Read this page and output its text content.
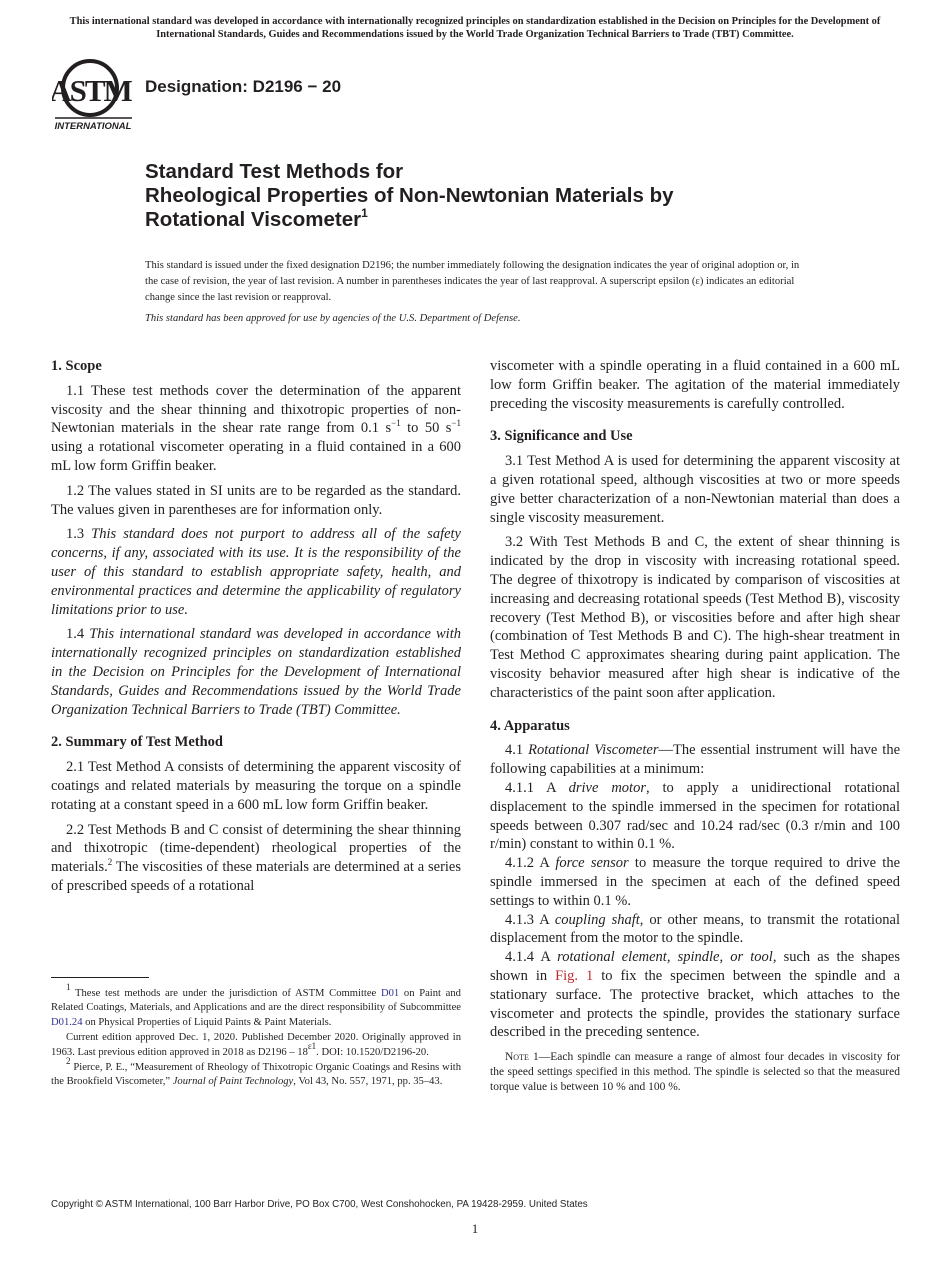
This international standard was developed in accordance with internationally recognized principles on standardization established in the Decision on Principles for the Development of International Standards, Guides and Recommendations issued by the World Trade Organization Technical Barriers to Trade (TBT) Committee.
ASTM
INTERNATIONAL
Designation: D2196 − 20
Standard Test Methods for
Rheological Properties of Non-Newtonian Materials by
Rotational Viscometer$^1$
This standard is issued under the fixed designation D2196; the number immediately following the designation indicates the year of original adoption or, in the case of revision, the year of last revision. A number in parentheses indicates the year of last reapproval. A superscript epsilon (ε) indicates an editorial change since the last revision or reapproval.
This standard has been approved for use by agencies of the U.S. Department of Defense.
1. Scope

1.1 These test methods cover the determination of the apparent viscosity and the shear thinning and thixotropic properties of non-Newtonian materials in the shear rate range from 0.1 $s^{-1}$ to 50 $s^{-1}$ using a rotational viscometer operating in a fluid contained in a 600 mL low form Griffin beaker.

1.2 The values stated in SI units are to be regarded as the standard. The values given in parentheses are for information only.

1.3 This standard does not purport to address all of the safety concerns, if any, associated with its use. It is the responsibility of the user of this standard to establish appropriate safety, health, and environmental practices and determine the applicability of regulatory limitations prior to use.

1.4 This international standard was developed in accordance with internationally recognized principles on standardization established in the Decision on Principles for the Development of International Standards, Guides and Recommendations issued by the World Trade Organization Technical Barriers to Trade (TBT) Committee.

2. Summary of Test Method

2.1 Test Method A consists of determining the apparent viscosity of coatings and related materials by measuring the torque on a spindle rotating at a constant speed in a 600 mL low form Griffin beaker.

2.2 Test Methods B and C consist of determining the shear thinning and thixotropic (time-dependent) rheological properties of the materials.$^2$ The viscosities of these materials are determined at a series of prescribed speeds of a rotational

$^1$ These test methods are under the jurisdiction of ASTM Committee D01 on Paint and Related Coatings, Materials, and Applications and are the direct responsibility of Subcommittee D01.24 on Physical Properties of Liquid Paints & Paint Materials.

Current edition approved Dec. 1, 2020. Published December 2020. Originally approved in 1963. Last previous edition approved in 2018 as $D2196 - 18^{\varepsilon 1}$. DOI: 10.1520/D2196-20.

$^2$ Pierce, P. E., “Measurement of Rheology of Thixotropic Organic Coatings and Resins with the Brookfield Viscometer,” Journal of Paint Technology, Vol 43, No. 557, 1971, pp. 35–43.

viscometer with a spindle operating in a fluid contained in a 600 mL low form Griffin beaker. The agitation of the material immediately preceding the viscosity measurements is carefully controlled.

3. Significance and Use

3.1 Test Method A is used for determining the apparent viscosity at a given rotational speed, although viscosities at two or more speeds give better characterization of a non-Newtonian material than does a single viscosity measurement.

3.2 With Test Methods B and C, the extent of shear thinning is indicated by the drop in viscosity with increasing rotational speed. The degree of thixotropy is indicated by comparison of viscosities at increasing and decreasing rotational speeds (Test Method B), viscosity recovery (Test Method B), or viscosities before and after high shear (combination of Test Methods B and C). The high-shear treatment in Test Method C approximates shearing during paint application. The viscosity behavior measured after high shear is indicative of the characteristics of the paint soon after application.

4. Apparatus

4.1 Rotational Viscometer—The essential instrument will have the following capabilities at a minimum:

4.1.1 A drive motor, to apply a unidirectional rotational displacement to the spindle immersed in the specimen for rotational speeds between 0.307 rad/sec and 10.24 rad/sec (0.3 r/min and 100 r/min) constant to within 0.1 %.

4.1.2 A force sensor to measure the torque required to drive the spindle immersed in the specimen at each of the defined speed settings to within 0.1 %.

4.1.3 A coupling shaft, or other means, to transmit the rotational displacement from the motor to the spindle.

4.1.4 A rotational element, spindle, or tool, such as the shapes shown in Fig. 1 to fix the specimen between the spindle and a stationary surface. The protective bracket, which attaches to the viscometer and protects the spindle, provides the stationary surface described in the preceding sentence.

Note 1—Each spindle can measure a range of almost four decades in viscosity for the speed settings specified in this method. The spindle is selected so that the measured torque value is between 10 % and 100 %.
Copyright © ASTM International, 100 Barr Harbor Drive, PO Box C700, West Conshohocken, PA 19428-2959. United States
1
